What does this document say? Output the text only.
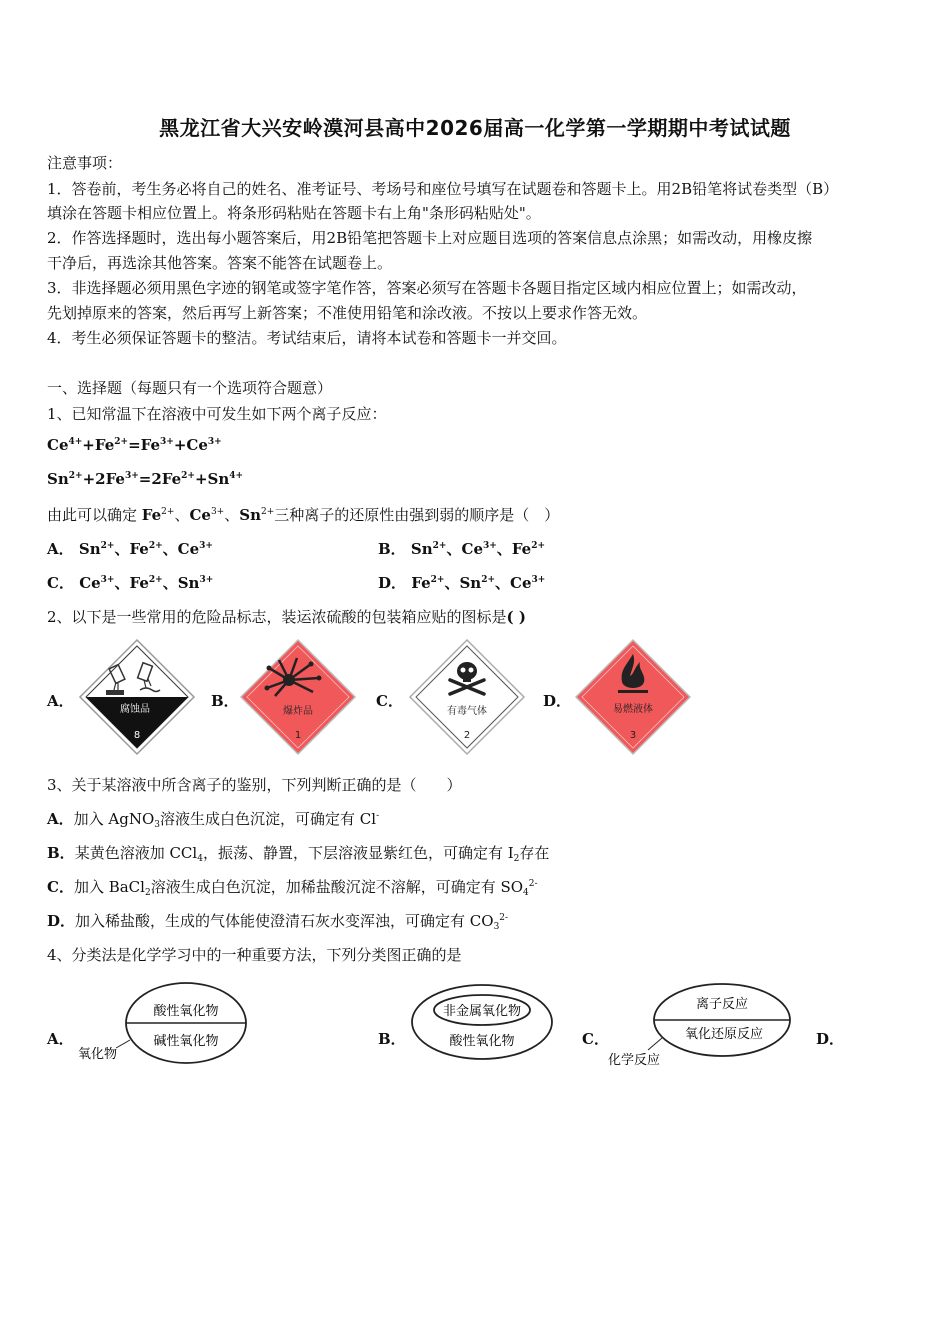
黑龙江省大兴安岭漠河县高中2026届高一化学第一学期期中考试试题
注意事项：
1．答卷前，考生务必将自己的姓名、准考证号、考场号和座位号填写在试题卷和答题卡上。用2B铅笔将试卷类型（B）
填涂在答题卡相应位置上。将条形码粘贴在答题卡右上角"条形码粘贴处"。
2．作答选择题时，选出每小题答案后，用2B铅笔把答题卡上对应题目选项的答案信息点涂黑；如需改动，用橡皮擦
干净后，再选涂其他答案。答案不能答在试题卷上。
3．非选择题必须用黑色字迹的钢笔或签字笔作答，答案必须写在答题卡各题目指定区域内相应位置上；如需改动，
先划掉原来的答案，然后再写上新答案；不准使用铅笔和涂改液。不按以上要求作答无效。
4．考生必须保证答题卡的整洁。考试结束后，请将本试卷和答题卡一并交回。
一、选择题（每题只有一个选项符合题意）
1、已知常温下在溶液中可发生如下两个离子反应：
$Ce^{4+}+Fe^{2+}=Fe^{3+}+Ce^{3+}$
$Sn^{2+}+2Fe^{3+}=2Fe^{2+}+Sn^{4+}$
由此可以确定 $Fe^{2+}$、$Ce^{3+}$、$Sn^{2+}$三种离子的还原性由强到弱的顺序是（　）
A． $Sn^{2+}$、$Fe^{2+}$、$Ce^{3+}$	B． $Sn^{2+}$、$Ce^{3+}$、$Fe^{2+}$
C． $Ce^{3+}$、$Fe^{2+}$、$Sn^{3+}$	D． $Fe^{2+}$、$Sn^{2+}$、$Ce^{3+}$
2、以下是一些常用的危险品标志，装运浓硫酸的包装箱应贴的图标是( )
A．	腐蚀品
8
B．
爆炸品
1
C．
有毒气体
2
D．	易燃液体
3
3、关于某溶液中所含离子的鉴别，下列判断正确的是（　　）
A．加入 AgNO$_3$溶液生成白色沉淀，可确定有 Cl-
B．某黄色溶液加 CCl$_4$，振荡、静置，下层溶液显紫红色，可确定有 $I_2$存在
C．加入 BaCl$_2$溶液生成白色沉淀，加稀盐酸沉淀不溶解，可确定有 $SO_4^{2-}$
D．加入稀盐酸，生成的气体能使澄清石灰水变浑浊，可确定有 $CO_3^{2-}$
4、分类法是化学学习中的一种重要方法，下列分类图正确的是
A．
酸性氧化物
碱性氧化物
氧化物
B．
非金属氧化物
酸性氧化物	C．
离子反应
氧化还原反应
化学反应
D．
